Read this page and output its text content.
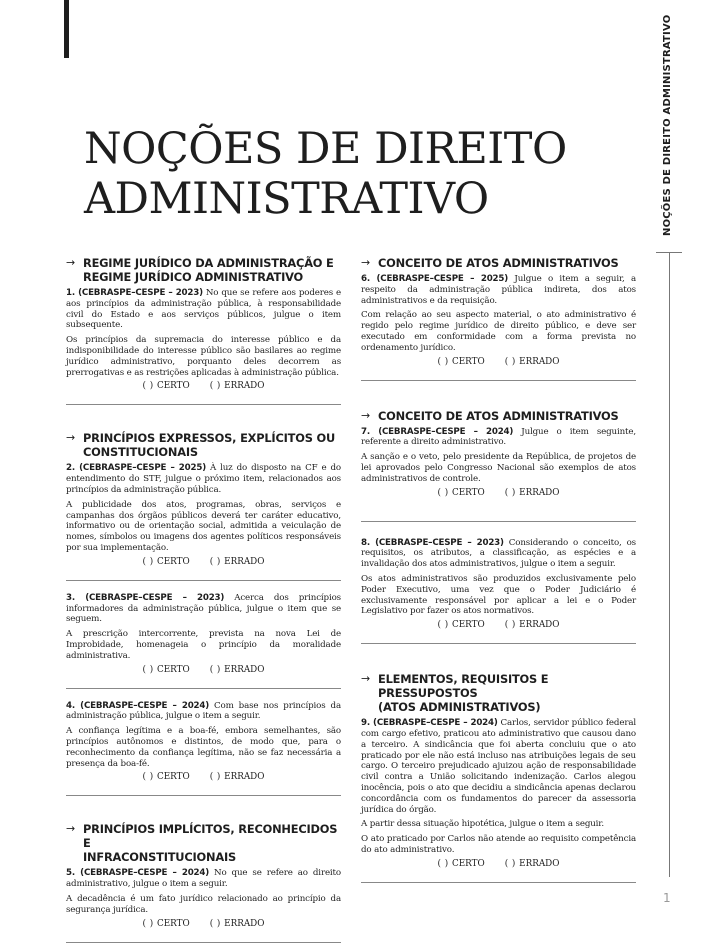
NOÇÕES DE DIREITO
ADMINISTRATIVO	NOÇÕES DE DIREITO ADMINISTRATIVO
1
→ REGIME JURÍDICO DA ADMINISTRAÇÃO E
REGIME JURÍDICO ADMINISTRATIVO

1. (CEBRASPE–CESPE – 2023) No que se refere aos poderes e aos princípios da administração pública, à responsabilidade civil do Estado e aos serviços públicos, julgue o item subsequente.

Os princípios da supremacia do interesse público e da indisponibilidade do interesse público são basilares ao regime jurídico administrativo, porquanto deles decorrem as prerrogativas e as restrições aplicadas à administração pública.

( ) CERTO ( ) ERRADO
→ PRINCÍPIOS EXPRESSOS, EXPLÍCITOS OU
CONSTITUCIONAIS

2. (CEBRASPE–CESPE – 2025) À luz do disposto na CF e do entendimento do STF, julgue o próximo item, relacionados aos princípios da administração pública.

A publicidade dos atos, programas, obras, serviços e campanhas dos órgãos públicos deverá ter caráter educativo, informativo ou de orientação social, admitida a veiculação de nomes, símbolos ou imagens dos agentes políticos responsáveis por sua implementação.

( ) CERTO ( ) ERRADO

3. (CEBRASPE–CESPE – 2023) Acerca dos princípios informadores da administração pública, julgue o item que se seguem.

A prescrição intercorrente, prevista na nova Lei de Improbidade, homenageia o princípio da moralidade administrativa.

( ) CERTO ( ) ERRADO

4. (CEBRASPE–CESPE – 2024) Com base nos princípios da administração pública, julgue o item a seguir.

A confiança legítima e a boa-fé, embora semelhantes, são princípios autônomos e distintos, de modo que, para o reconhecimento da confiança legítima, não se faz necessária a presença da boa-fé.

( ) CERTO ( ) ERRADO
→ PRINCÍPIOS IMPLÍCITOS, RECONHECIDOS E
INFRACONSTITUCIONAIS

5. (CEBRASPE–CESPE – 2024) No que se refere ao direito administrativo, julgue o item a seguir.

A decadência é um fato jurídico relacionado ao princípio da segurança jurídica.

( ) CERTO ( ) ERRADO
→ CONCEITO DE ATOS ADMINISTRATIVOS

6. (CEBRASPE–CESPE – 2025) Julgue o item a seguir, a respeito da administração pública indireta, dos atos administrativos e da requisição.

Com relação ao seu aspecto material, o ato administrativo é regido pelo regime jurídico de direito público, e deve ser executado em conformidade com a forma prevista no ordenamento jurídico.

( ) CERTO ( ) ERRADO
→ CONCEITO DE ATOS ADMINISTRATIVOS

7. (CEBRASPE–CESPE – 2024) Julgue o item seguinte, referente a direito administrativo.

A sanção e o veto, pelo presidente da República, de projetos de lei aprovados pelo Congresso Nacional são exemplos de atos administrativos de controle.

( ) CERTO ( ) ERRADO

8. (CEBRASPE–CESPE – 2023) Considerando o conceito, os requisitos, os atributos, a classificação, as espécies e a invalidação dos atos administrativos, julgue o item a seguir.

Os atos administrativos são produzidos exclusivamente pelo Poder Executivo, uma vez que o Poder Judiciário é exclusivamente responsável por aplicar a lei e o Poder Legislativo por fazer os atos normativos.

( ) CERTO ( ) ERRADO
→ ELEMENTOS, REQUISITOS E PRESSUPOSTOS
(ATOS ADMINISTRATIVOS)

9. (CEBRASPE–CESPE – 2024) Carlos, servidor público federal com cargo efetivo, praticou ato administrativo que causou dano a terceiro. A sindicância que foi aberta concluiu que o ato praticado por ele não está incluso nas atribuições legais de seu cargo. O terceiro prejudicado ajuizou ação de responsabilidade civil contra a União solicitando indenização. Carlos alegou inocência, pois o ato que decidiu a sindicância apenas declarou concordância com os fundamentos do parecer da assessoria jurídica do órgão.

A partir dessa situação hipotética, julgue o item a seguir.

O ato praticado por Carlos não atende ao requisito competência do ato administrativo.

( ) CERTO ( ) ERRADO
